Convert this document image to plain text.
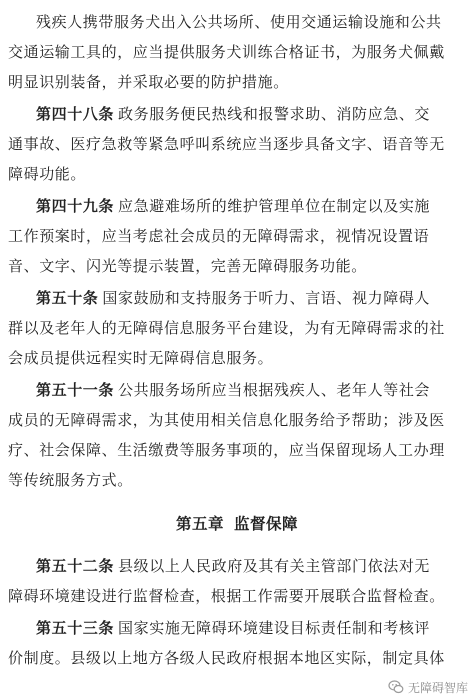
残疾人携带服务犬出入公共场所、使用交通运输设施和公共
交通运输工具的，应当提供服务犬训练合格证书，为服务犬佩戴
明显识别装备，并采取必要的防护措施。
第四十八条 政务服务便民热线和报警求助、消防应急、交
通事故、医疗急救等紧急呼叫系统应当逐步具备文字、语音等无
障碍功能。
第四十九条 应急避难场所的维护管理单位在制定以及实施
工作预案时，应当考虑社会成员的无障碍需求，视情况设置语
音、文字、闪光等提示装置，完善无障碍服务功能。
第五十条 国家鼓励和支持服务于听力、言语、视力障碍人
群以及老年人的无障碍信息服务平台建设，为有无障碍需求的社
会成员提供远程实时无障碍信息服务。
第五十一条 公共服务场所应当根据残疾人、老年人等社会
成员的无障碍需求，为其使用相关信息化服务给予帮助；涉及医
疗、社会保障、生活缴费等服务事项的，应当保留现场人工办理
等传统服务方式。
第五章 监督保障
第五十二条 县级以上人民政府及其有关主管部门依法对无
障碍环境建设进行监督检查，根据工作需要开展联合监督检查。
第五十三条 国家实施无障碍环境建设目标责任制和考核评
价制度。县级以上地方各级人民政府根据本地区实际，制定具体
无障碍智库
